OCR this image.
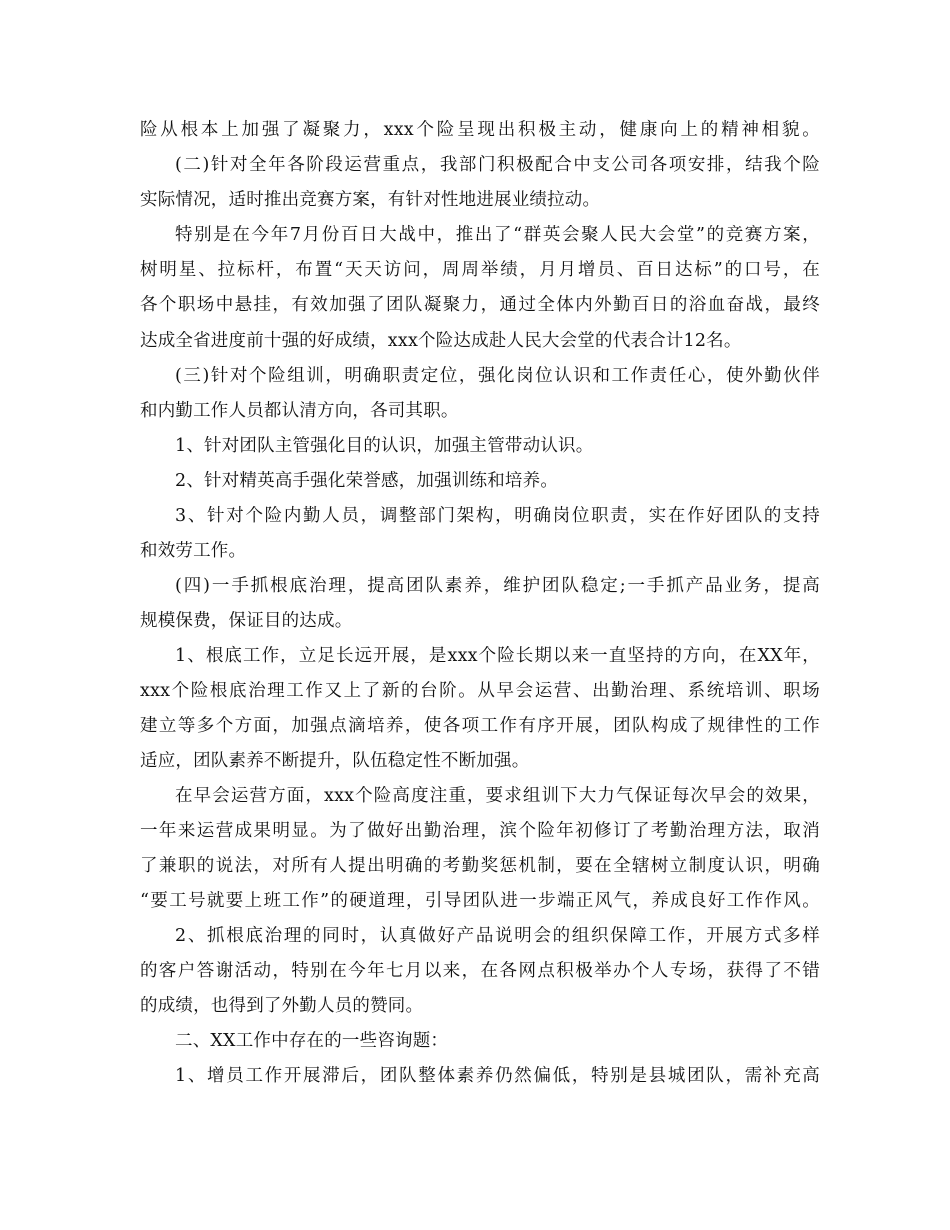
险从根本上加强了凝聚力，xxx个险呈现出积极主动，健康向上的精神相貌。
(二)针对全年各阶段运营重点，我部门积极配合中支公司各项安排，结我个险
实际情况，适时推出竞赛方案，有针对性地进展业绩拉动。
特别是在今年7月份百日大战中，推出了“群英会聚人民大会堂”的竞赛方案，
树明星、拉标杆，布置“天天访问，周周举绩，月月增员、百日达标”的口号，在
各个职场中悬挂，有效加强了团队凝聚力，通过全体内外勤百日的浴血奋战，最终
达成全省进度前十强的好成绩，xxx个险达成赴人民大会堂的代表合计12名。
(三)针对个险组训，明确职责定位，强化岗位认识和工作责任心，使外勤伙伴
和内勤工作人员都认清方向，各司其职。
1、针对团队主管强化目的认识，加强主管带动认识。
2、针对精英高手强化荣誉感，加强训练和培养。
3、针对个险内勤人员，调整部门架构，明确岗位职责，实在作好团队的支持
和效劳工作。
(四)一手抓根底治理，提高团队素养，维护团队稳定;一手抓产品业务，提高
规模保费，保证目的达成。
1、根底工作，立足长远开展，是xxx个险长期以来一直坚持的方向，在XX年，
xxx个险根底治理工作又上了新的台阶。从早会运营、出勤治理、系统培训、职场
建立等多个方面，加强点滴培养，使各项工作有序开展，团队构成了规律性的工作
适应，团队素养不断提升，队伍稳定性不断加强。
在早会运营方面，xxx个险高度注重，要求组训下大力气保证每次早会的效果，
一年来运营成果明显。为了做好出勤治理，滨个险年初修订了考勤治理方法，取消
了兼职的说法，对所有人提出明确的考勤奖惩机制，要在全辖树立制度认识，明确
“要工号就要上班工作”的硬道理，引导团队进一步端正风气，养成良好工作作风。
2、抓根底治理的同时，认真做好产品说明会的组织保障工作，开展方式多样
的客户答谢活动，特别在今年七月以来，在各网点积极举办个人专场，获得了不错
的成绩，也得到了外勤人员的赞同。
二、XX工作中存在的一些咨询题：
1、增员工作开展滞后，团队整体素养仍然偏低，特别是县城团队，需补充高
